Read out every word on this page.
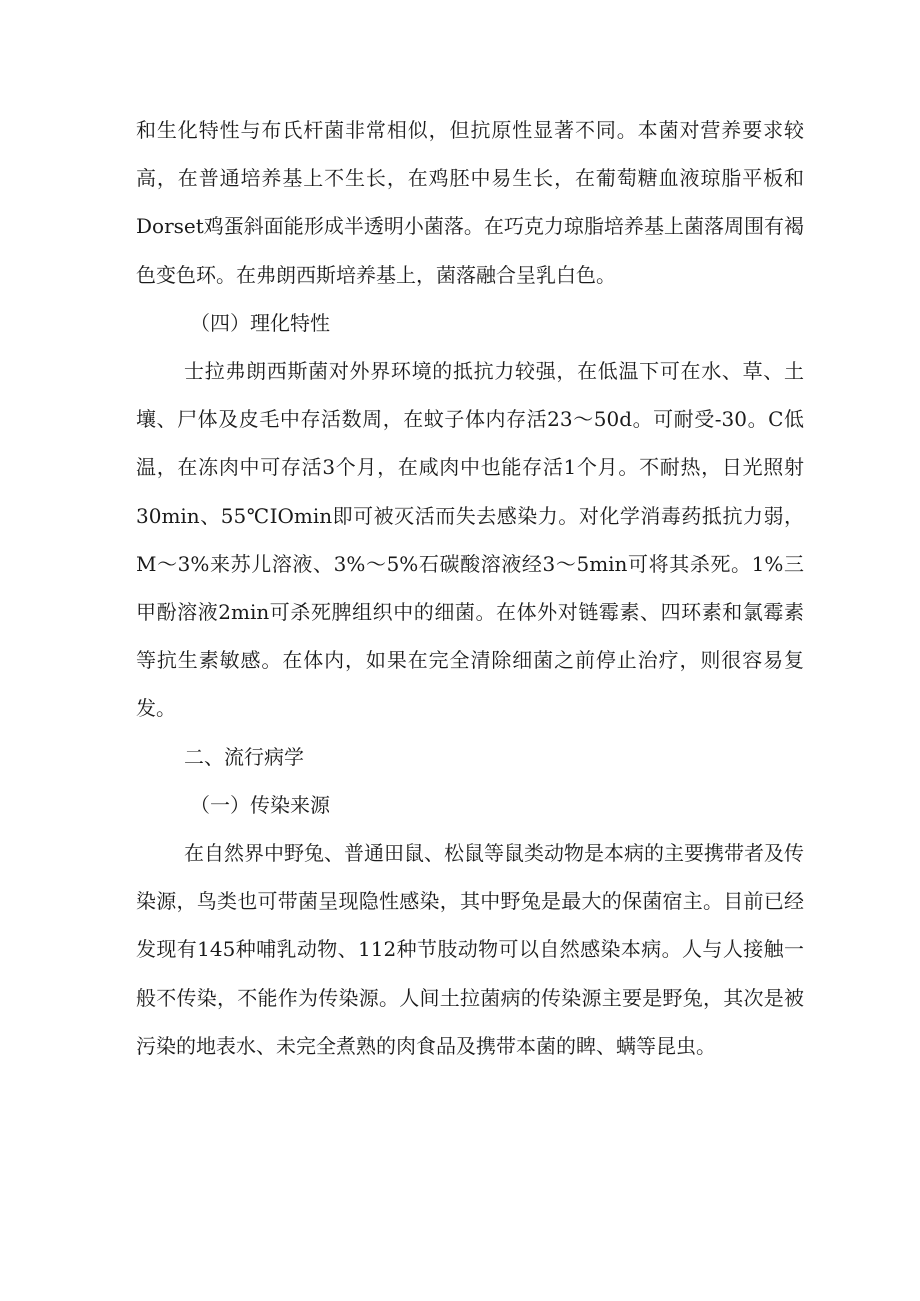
和生化特性与布氏杆菌非常相似，但抗原性显著不同。本菌对营养要求较高，在普通培养基上不生长，在鸡胚中易生长，在葡萄糖血液琼脂平板和Dorset鸡蛋斜面能形成半透明小菌落。在巧克力琼脂培养基上菌落周围有褐色变色环。在弗朗西斯培养基上，菌落融合呈乳白色。

（四）理化特性

士拉弗朗西斯菌对外界环境的抵抗力较强，在低温下可在水、草、土壤、尸体及皮毛中存活数周，在蚊子体内存活23～50d。可耐受-30。C低温，在冻肉中可存活3个月，在咸肉中也能存活1个月。不耐热，日光照射30min、55℃IOmin即可被灭活而失去感染力。对化学消毒药抵抗力弱，M～3%来苏儿溶液、3%～5%石碳酸溶液经3～5min可将其杀死。1%三甲酚溶液2min可杀死脾组织中的细菌。在体外对链霉素、四环素和氯霉素等抗生素敏感。在体内，如果在完全清除细菌之前停止治疗，则很容易复发。

二、流行病学

（一）传染来源

在自然界中野兔、普通田鼠、松鼠等鼠类动物是本病的主要携带者及传染源，鸟类也可带菌呈现隐性感染，其中野兔是最大的保菌宿主。目前已经发现有145种哺乳动物、112种节肢动物可以自然感染本病。人与人接触一般不传染，不能作为传染源。人间土拉菌病的传染源主要是野兔，其次是被污染的地表水、未完全煮熟的肉食品及携带本菌的睥、螨等昆虫。
